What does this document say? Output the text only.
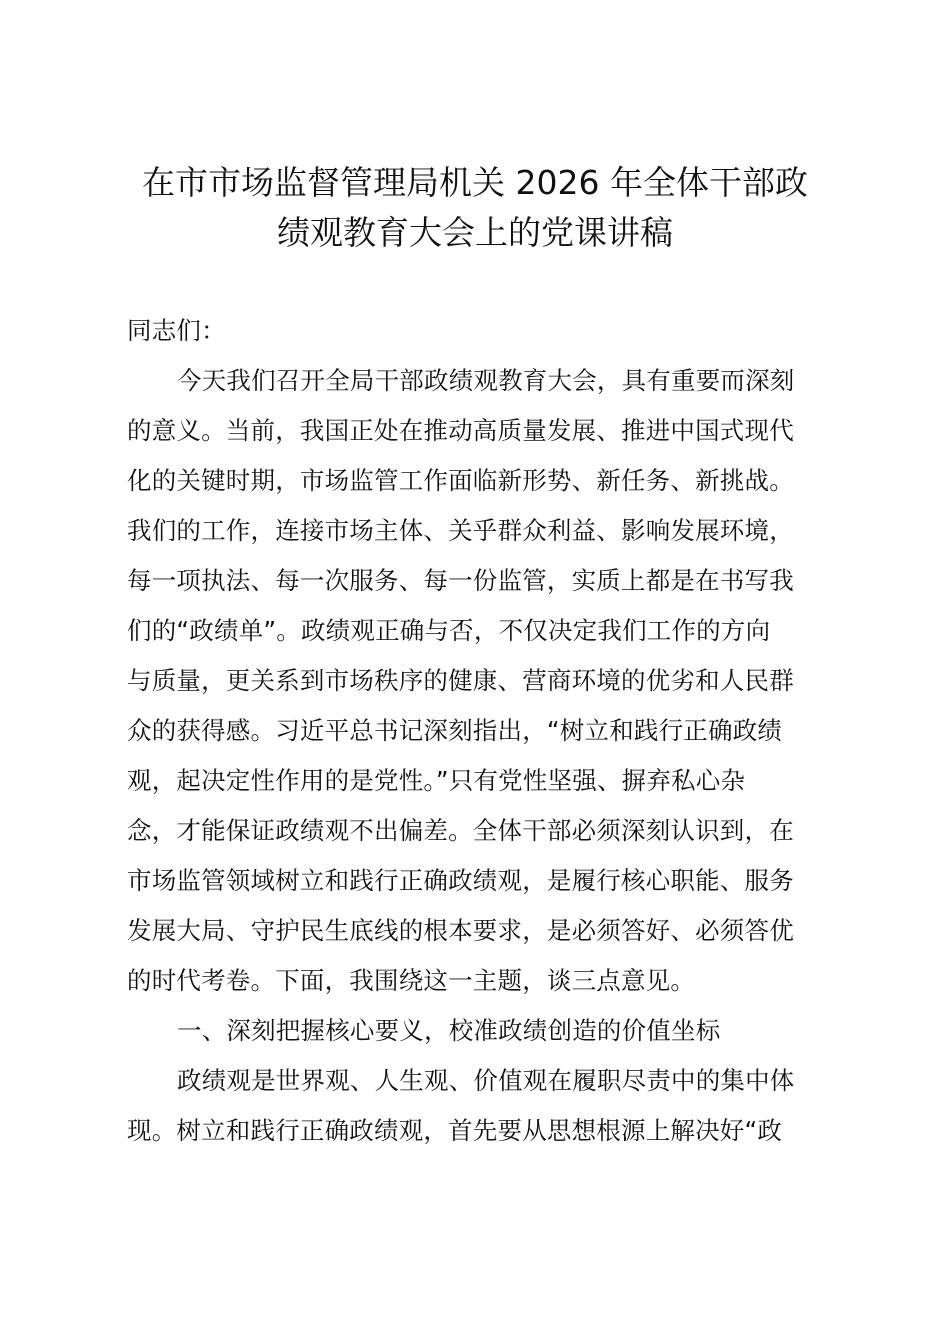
在市市场监督管理局机关 2026 年全体干部政
绩观教育大会上的党课讲稿
同志们：
今天我们召开全局干部政绩观教育大会，具有重要而深刻
的意义。当前，我国正处在推动高质量发展、推进中国式现代
化的关键时期，市场监管工作面临新形势、新任务、新挑战。
我们的工作，连接市场主体、关乎群众利益、影响发展环境，
每一项执法、每一次服务、每一份监管，实质上都是在书写我
们的“政绩单”。政绩观正确与否，不仅决定我们工作的方向
与质量，更关系到市场秩序的健康、营商环境的优劣和人民群
众的获得感。习近平总书记深刻指出，“树立和践行正确政绩
观，起决定性作用的是党性。”只有党性坚强、摒弃私心杂
念，才能保证政绩观不出偏差。全体干部必须深刻认识到，在
市场监管领域树立和践行正确政绩观，是履行核心职能、服务
发展大局、守护民生底线的根本要求，是必须答好、必须答优
的时代考卷。下面，我围绕这一主题，谈三点意见。
一、深刻把握核心要义，校准政绩创造的价值坐标
政绩观是世界观、人生观、价值观在履职尽责中的集中体
现。树立和践行正确政绩观，首先要从思想根源上解决好“政
